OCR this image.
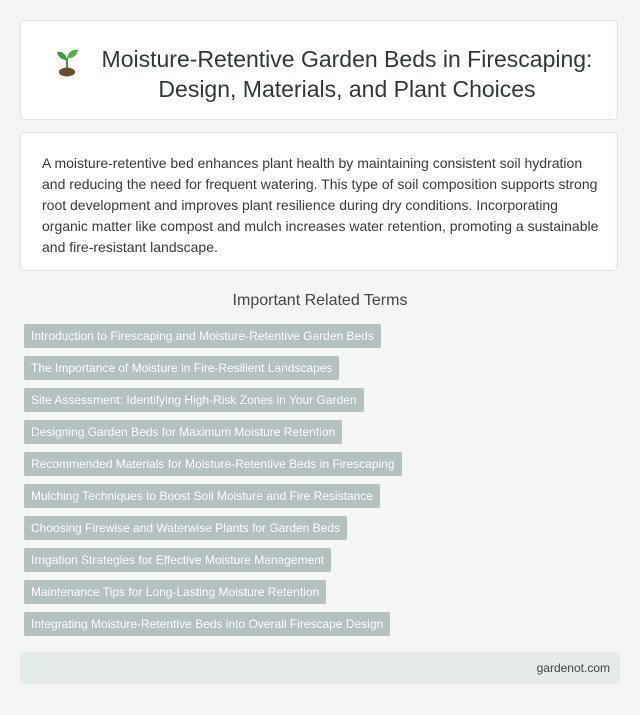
Moisture-Retentive Garden Beds in Firescaping: Design, Materials, and Plant Choices

A moisture-retentive bed enhances plant health by maintaining consistent soil hydration and reducing the need for frequent watering. This type of soil composition supports strong root development and improves plant resilience during dry conditions. Incorporating organic matter like compost and mulch increases water retention, promoting a sustainable and fire-resistant landscape.

Important Related Terms
Introduction to Firescaping and Moisture-Retentive Garden Beds
The Importance of Moisture in Fire-Resilient Landscapes
Site Assessment: Identifying High-Risk Zones in Your Garden
Designing Garden Beds for Maximum Moisture Retention
Recommended Materials for Moisture-Retentive Beds in Firescaping
Mulching Techniques to Boost Soil Moisture and Fire Resistance
Choosing Firewise and Waterwise Plants for Garden Beds
Irrigation Strategies for Effective Moisture Management
Maintenance Tips for Long-Lasting Moisture Retention
Integrating Moisture-Retentive Beds into Overall Firescape Design
gardenot.com
